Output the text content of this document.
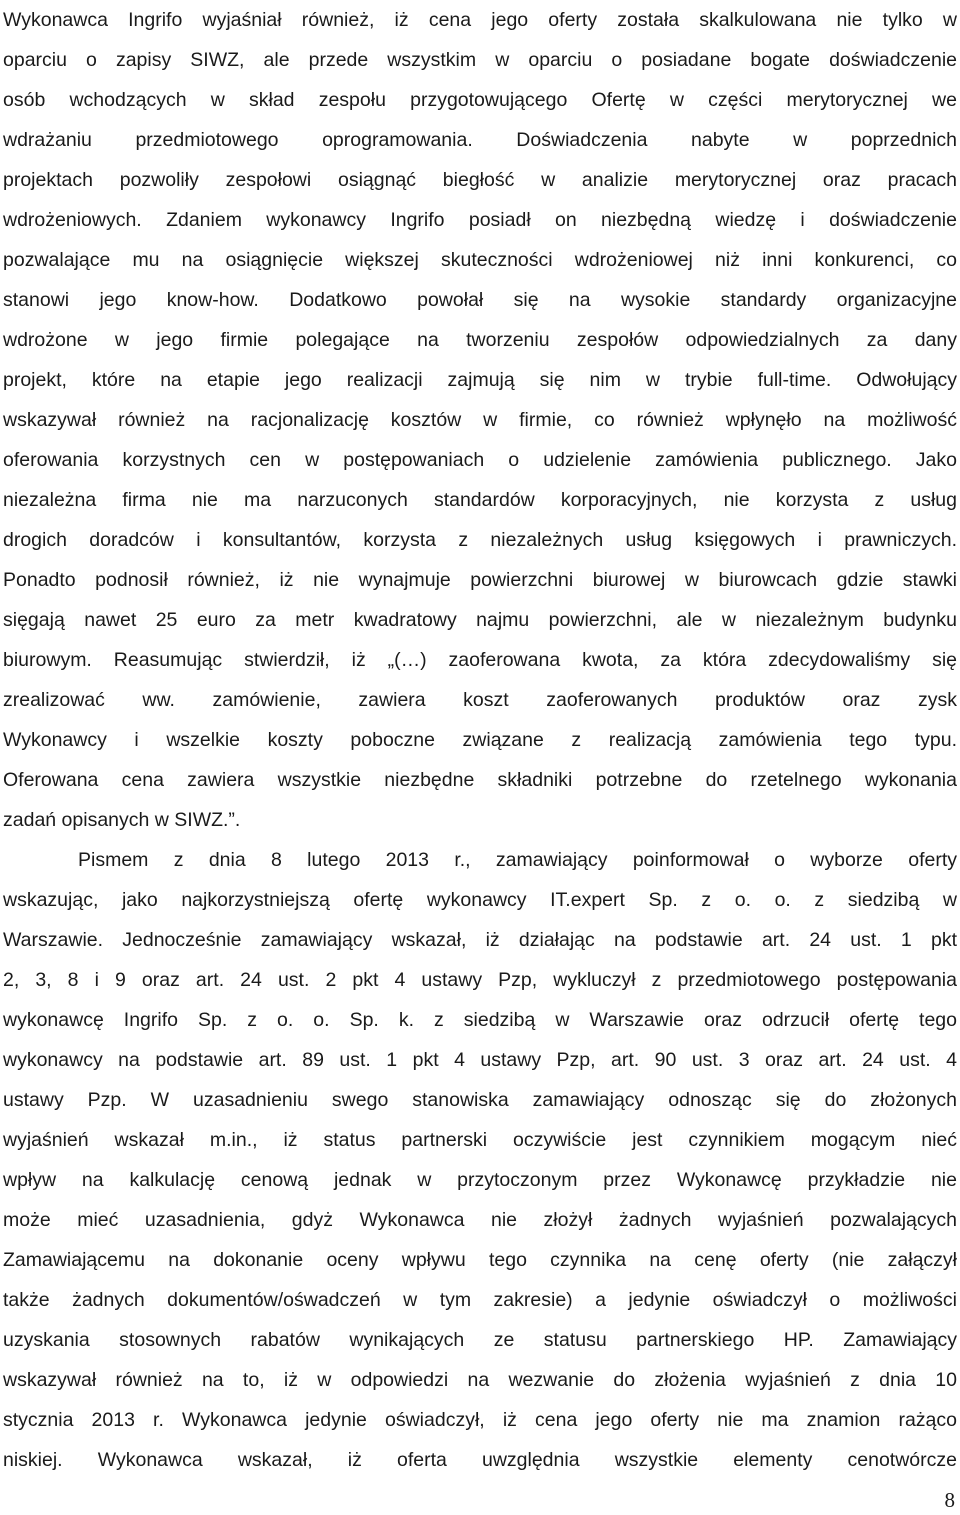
Wykonawca Ingrifo wyjaśniał również, iż cena jego oferty została skalkulowana nie tylko w
oparciu o zapisy SIWZ, ale przede wszystkim w oparciu o posiadane bogate doświadczenie
osób wchodzących w skład zespołu przygotowującego Ofertę w części merytorycznej we
wdrażaniu przedmiotowego oprogramowania. Doświadczenia nabyte w poprzednich
projektach pozwoliły zespołowi osiągnąć biegłość w analizie merytorycznej oraz pracach
wdrożeniowych. Zdaniem wykonawcy Ingrifo posiadł on niezbędną wiedzę i doświadczenie
pozwalające mu na osiągnięcie większej skuteczności wdrożeniowej niż inni konkurenci, co
stanowi jego know-how. Dodatkowo powołał się na wysokie standardy organizacyjne
wdrożone w jego firmie polegające na tworzeniu zespołów odpowiedzialnych za dany
projekt, które na etapie jego realizacji zajmują się nim w trybie full-time. Odwołujący
wskazywał również na racjonalizację kosztów w firmie, co również wpłynęło na możliwość
oferowania korzystnych cen w postępowaniach o udzielenie zamówienia publicznego. Jako
niezależna firma nie ma narzuconych standardów korporacyjnych, nie korzysta z usług
drogich doradców i konsultantów, korzysta z niezależnych usług księgowych i prawniczych.
Ponadto podnosił również, iż nie wynajmuje powierzchni biurowej w biurowcach gdzie stawki
sięgają nawet 25 euro za metr kwadratowy najmu powierzchni, ale w niezależnym budynku
biurowym. Reasumując stwierdził, iż „(…) zaoferowana kwota, za która zdecydowaliśmy się
zrealizować ww. zamówienie, zawiera koszt zaoferowanych produktów oraz zysk
Wykonawcy i wszelkie koszty poboczne związane z realizacją zamówienia tego typu.
Oferowana cena zawiera wszystkie niezbędne składniki potrzebne do rzetelnego wykonania
zadań opisanych w SIWZ.”.
Pismem z dnia 8 lutego 2013 r., zamawiający poinformował o wyborze oferty
wskazując, jako najkorzystniejszą ofertę wykonawcy IT.expert Sp. z o. o. z siedzibą w
Warszawie. Jednocześnie zamawiający wskazał, iż działając na podstawie art. 24 ust. 1 pkt
2, 3, 8 i 9 oraz art. 24 ust. 2 pkt 4 ustawy Pzp, wykluczył z przedmiotowego postępowania
wykonawcę Ingrifo Sp. z o. o. Sp. k. z siedzibą w Warszawie oraz odrzucił ofertę tego
wykonawcy na podstawie art. 89 ust. 1 pkt 4 ustawy Pzp, art. 90 ust. 3 oraz art. 24 ust. 4
ustawy Pzp. W uzasadnieniu swego stanowiska zamawiający odnosząc się do złożonych
wyjaśnień wskazał m.in., iż status partnerski oczywiście jest czynnikiem mogącym nieć
wpływ na kalkulację cenową jednak w przytoczonym przez Wykonawcę przykładzie nie
może mieć uzasadnienia, gdyż Wykonawca nie złożył żadnych wyjaśnień pozwalających
Zamawiającemu na dokonanie oceny wpływu tego czynnika na cenę oferty (nie załączył
także żadnych dokumentów/ośwadczeń w tym zakresie) a jedynie oświadczył o możliwości
uzyskania stosownych rabatów wynikających ze statusu partnerskiego HP. Zamawiający
wskazywał również na to, iż w odpowiedzi na wezwanie do złożenia wyjaśnień z dnia 10
stycznia 2013 r. Wykonawca jedynie oświadczył, iż cena jego oferty nie ma znamion rażąco
niskiej. Wykonawca wskazał, iż oferta uwzględnia wszystkie elementy cenotwórcze
8
